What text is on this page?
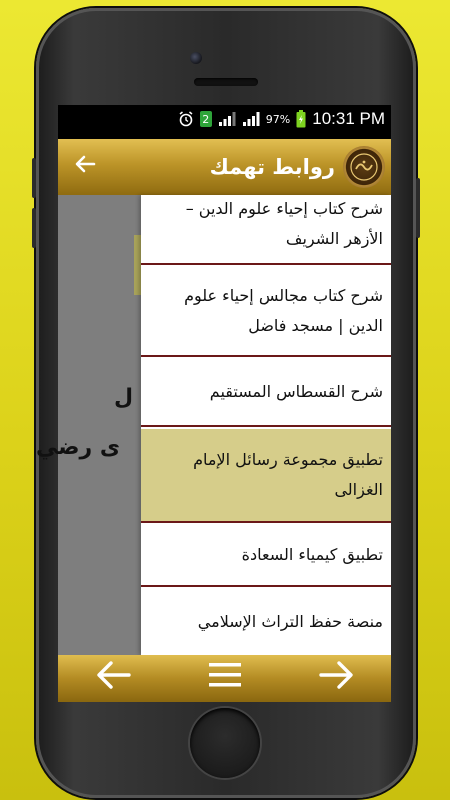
2	97% 10:31 PM
روابط تهمك
ل
ى رضي
شرح كتاب إحياء علوم الدين – الأزهر الشريف
شرح كتاب مجالس إحياء علوم الدين | مسجد فاضل
شرح القسطاس المستقيم
تطبيق مجموعة رسائل الإمام الغزالى
تطبيق كيمياء السعادة
منصة حفظ التراث الإسلامي
